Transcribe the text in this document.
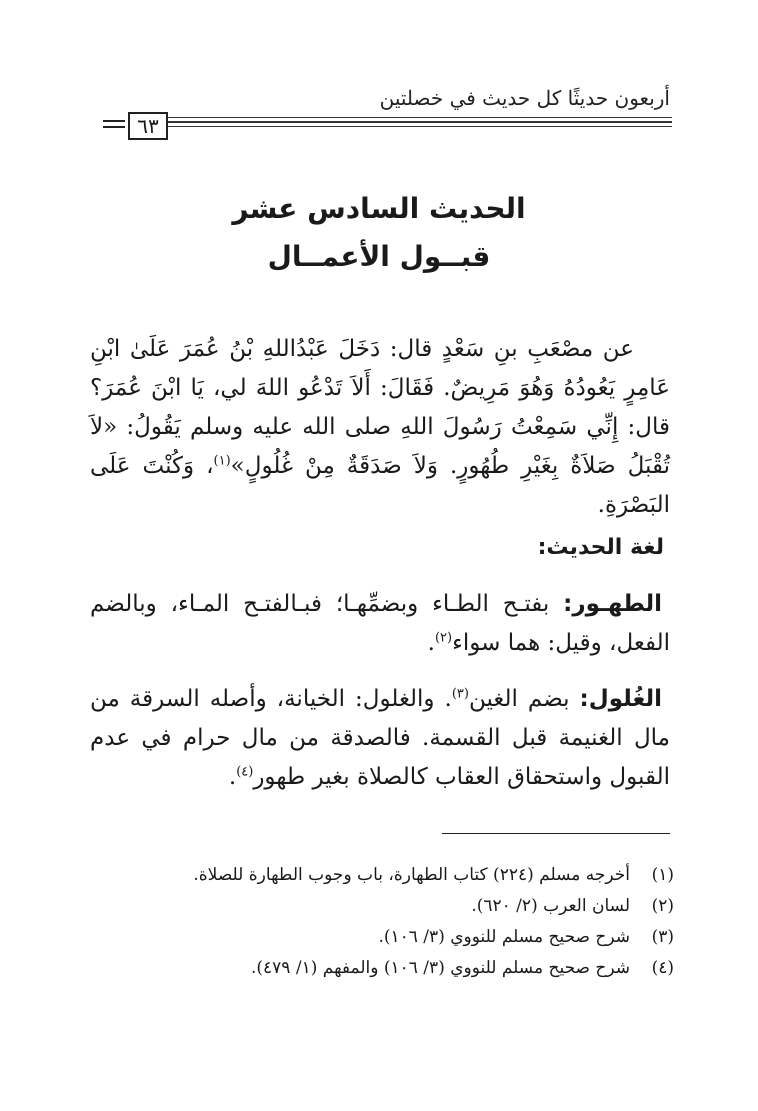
أربعون حديثًا كل حديث في خصلتين
٦٣
الحديث السادس عشر
قبــول الأعمــال

عن مصْعَبِ بنِ سَعْدٍ قال: دَخَلَ عَبْدُاللهِ بْنُ عُمَرَ عَلَىٰ ابْنِ عَامِرٍ يَعُودُهُ وَهُوَ مَرِيضٌ. فَقَالَ: أَلاَ تَدْعُو اللهَ لي، يَا ابْنَ عُمَرَ؟ قال: إِنِّي سَمِعْتُ رَسُولَ اللهِ صلى الله عليه وسلم يَقُولُ: «لاَ تُقْبَلُ صَلاَةٌ بِغَيْرِ طُهُورٍ. وَلاَ صَدَقَةٌ مِنْ غُلُولٍ»$^{(١)}$، وَكُنْتَ عَلَى البَصْرَةِ.

لغة الحديث:

الطهـور: بفتـح الطـاء وبضمِّهـا؛ فبـالفتـح المـاء، وبالضم الفعل، وقيل: هما سواء$^{(٢)}$.

الغُلول: بضم الغين$^{(٣)}$. والغلول: الخيانة، وأصله السرقة من مال الغنيمة قبل القسمة. فالصدقة من مال حرام في عدم القبول واستحقاق العقاب كالصلاة بغير طهور$^{(٤)}$.

(١)
أخرجه مسلم (٢٢٤) كتاب الطهارة، باب وجوب الطهارة للصلاة.
(٢)
لسان العرب (٢/ ٦٢٠).
(٣)
شرح صحيح مسلم للنووي (٣/ ١٠٦).
(٤)
شرح صحيح مسلم للنووي (٣/ ١٠٦) والمفهم (١/ ٤٧٩).
